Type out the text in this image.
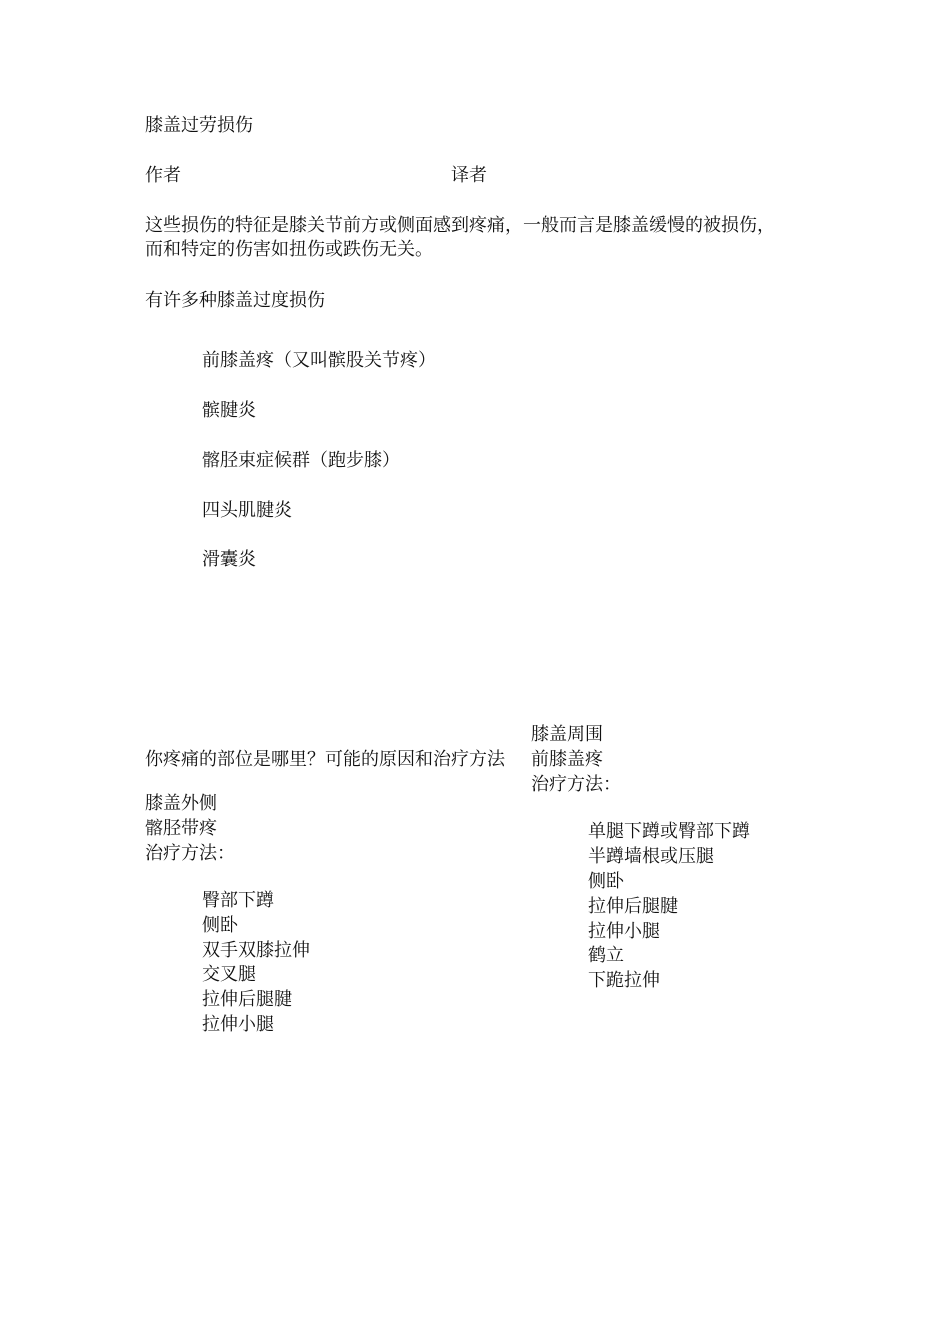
膝盖过劳损伤
作者	译者
这些损伤的特征是膝关节前方或侧面感到疼痛，一般而言是膝盖缓慢的被损伤，
而和特定的伤害如扭伤或跌伤无关。
有许多种膝盖过度损伤
前膝盖疼（又叫髌股关节疼）
髌腱炎
髂胫束症候群（跑步膝）
四头肌腱炎
滑囊炎
膝盖周围
你疼痛的部位是哪里？可能的原因和治疗方法 前膝盖疼
治疗方法：
膝盖外侧
髂胫带疼
治疗方法：
臀部下蹲
侧卧
双手双膝拉伸
交叉腿
拉伸后腿腱
拉伸小腿
单腿下蹲或臀部下蹲
半蹲墙根或压腿
侧卧
拉伸后腿腱
拉伸小腿
鹤立
下跪拉伸
